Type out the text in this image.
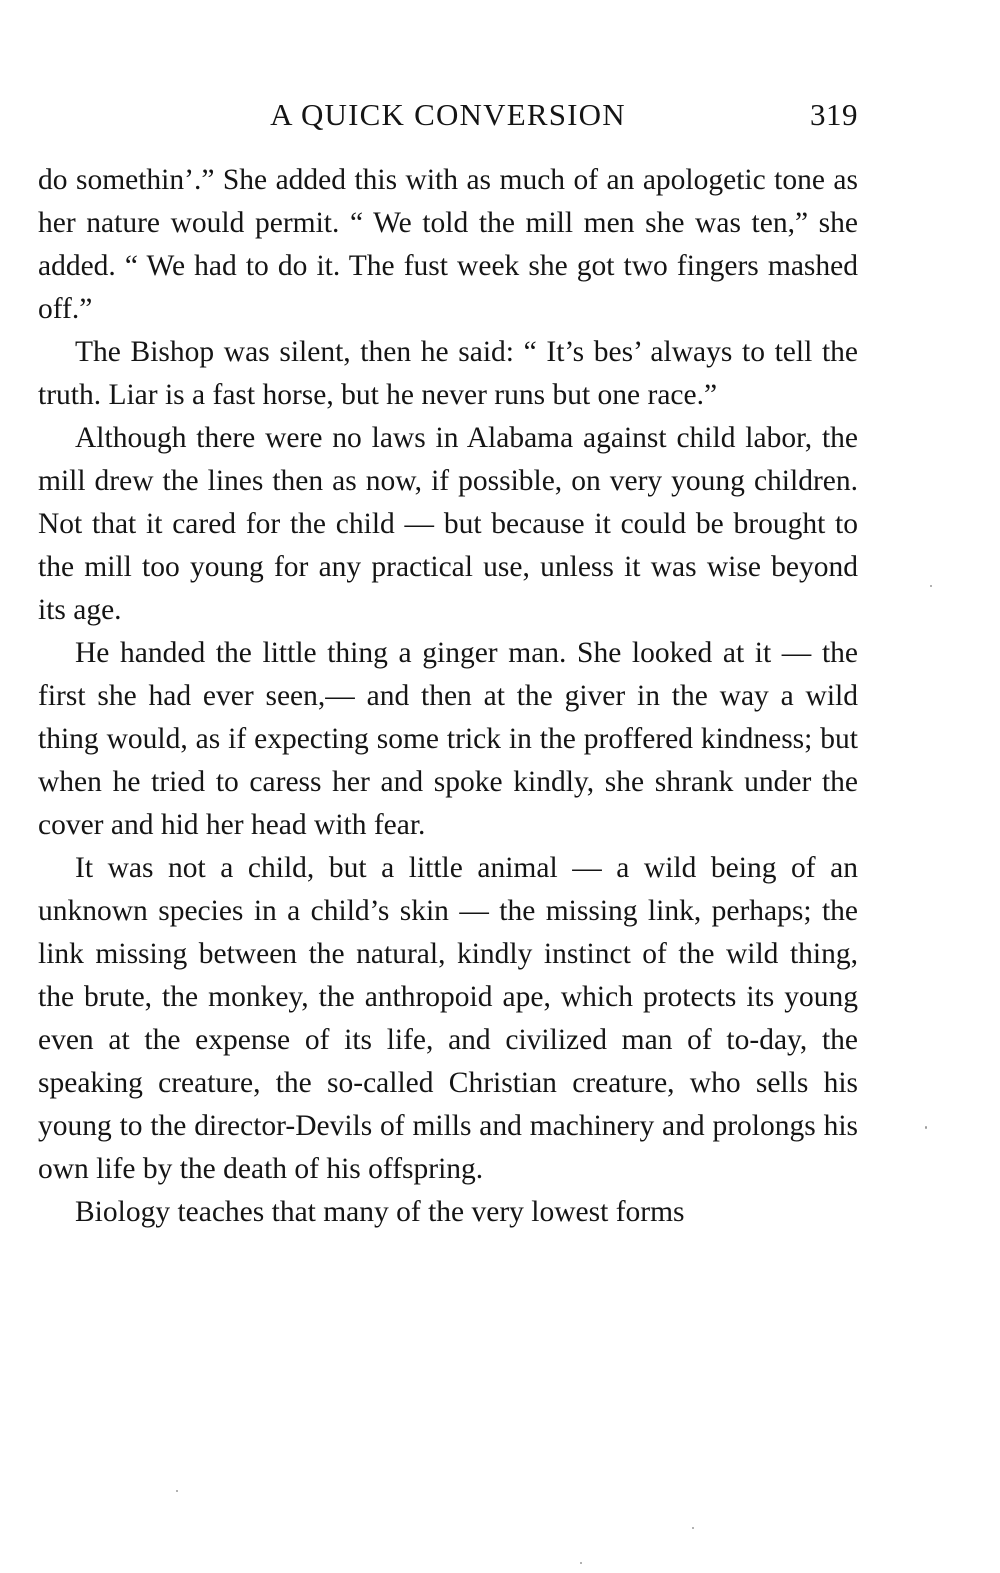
A QUICK CONVERSION	319

do somethin’.” She added this with as much of an apologetic tone as her nature would permit. “ We told the mill men she was ten,” she added. “ We had to do it. The fust week she got two fingers mashed off.”

The Bishop was silent, then he said: “ It’s bes’ always to tell the truth. Liar is a fast horse, but he never runs but one race.”

Although there were no laws in Alabama against child labor, the mill drew the lines then as now, if possible, on very young children. Not that it cared for the child — but because it could be brought to the mill too young for any practical use, unless it was wise beyond its age.

He handed the little thing a ginger man. She looked at it — the first she had ever seen,— and then at the giver in the way a wild thing would, as if expecting some trick in the proffered kindness; but when he tried to caress her and spoke kindly, she shrank under the cover and hid her head with fear.

It was not a child, but a little animal — a wild being of an unknown species in a child’s skin — the missing link, perhaps; the link missing between the natural, kindly instinct of the wild thing, the brute, the monkey, the anthropoid ape, which protects its young even at the expense of its life, and civilized man of to-day, the speaking creature, the so-called Christian creature, who sells his young to the director-Devils of mills and machinery and prolongs his own life by the death of his offspring.

Biology teaches that many of the very lowest forms
